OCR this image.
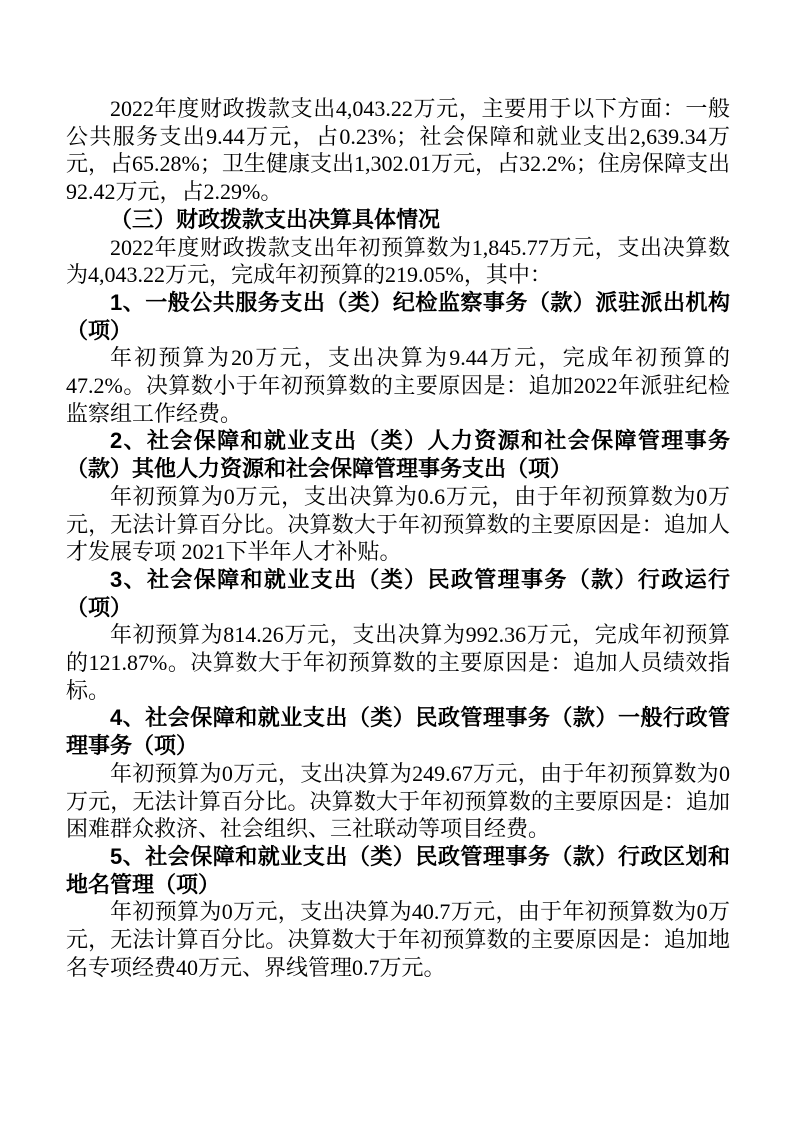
2022年度财政拨款支出4,043.22万元，主要用于以下方面：一般公共服务支出9.44万元，占0.23%；社会保障和就业支出2,639.34万元，占65.28%；卫生健康支出1,302.01万元，占32.2%；住房保障支出92.42万元，占2.29%。

（三）财政拨款支出决算具体情况

2022年度财政拨款支出年初预算数为1,845.77万元，支出决算数为4,043.22万元，完成年初预算的219.05%，其中：

1、一般公共服务支出（类）纪检监察事务（款）派驻派出机构（项）

年初预算为20万元，支出决算为9.44万元，完成年初预算的47.2%。决算数小于年初预算数的主要原因是：追加2022年派驻纪检监察组工作经费。

2、社会保障和就业支出（类）人力资源和社会保障管理事务（款）其他人力资源和社会保障管理事务支出（项）

年初预算为0万元，支出决算为0.6万元，由于年初预算数为0万元，无法计算百分比。决算数大于年初预算数的主要原因是：追加人才发展专项 2021下半年人才补贴。

3、社会保障和就业支出（类）民政管理事务（款）行政运行（项）

年初预算为814.26万元，支出决算为992.36万元，完成年初预算的121.87%。决算数大于年初预算数的主要原因是：追加人员绩效指标。

4、社会保障和就业支出（类）民政管理事务（款）一般行政管理事务（项）

年初预算为0万元，支出决算为249.67万元，由于年初预算数为0万元，无法计算百分比。决算数大于年初预算数的主要原因是：追加困难群众救济、社会组织、三社联动等项目经费。

5、社会保障和就业支出（类）民政管理事务（款）行政区划和地名管理（项）

年初预算为0万元，支出决算为40.7万元，由于年初预算数为0万元，无法计算百分比。决算数大于年初预算数的主要原因是：追加地名专项经费40万元、界线管理0.7万元。
